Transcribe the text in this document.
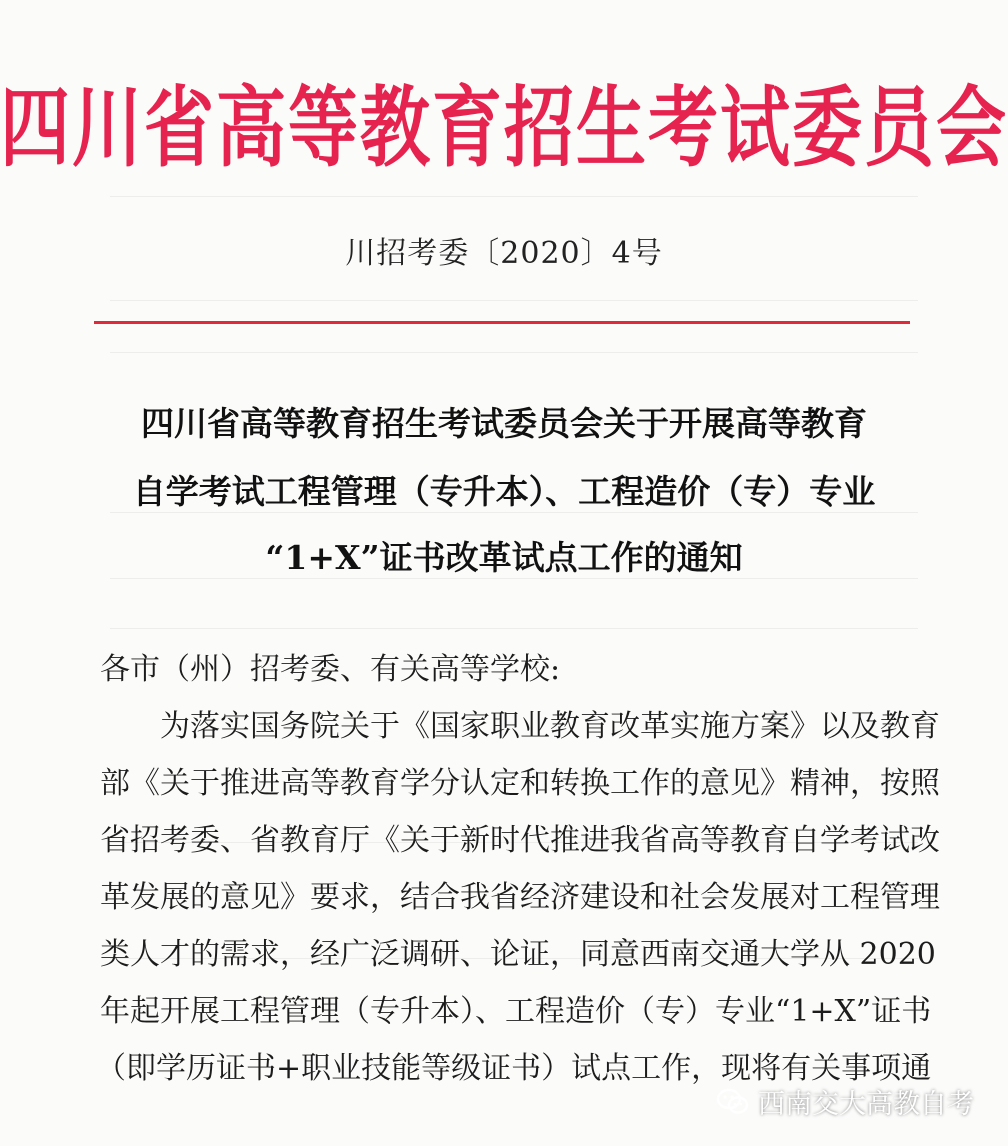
四川省高等教育招生考试委员会
川招考委〔2020〕4号
四川省高等教育招生考试委员会关于开展高等教育
自学考试工程管理（专升本）、工程造价（专）专业
“1+X”证书改革试点工作的通知
各市（州）招考委、有关高等学校:
为落实国务院关于《国家职业教育改革实施方案》以及教育
部《关于推进高等教育学分认定和转换工作的意见》精神，按照
省招考委、省教育厅《关于新时代推进我省高等教育自学考试改
革发展的意见》要求，结合我省经济建设和社会发展对工程管理
类人才的需求，经广泛调研、论证，同意西南交通大学从 2020
年起开展工程管理（专升本）、工程造价（专）专业“1+X”证书
（即学历证书+职业技能等级证书）试点工作，现将有关事项通
西南交大高教自考
